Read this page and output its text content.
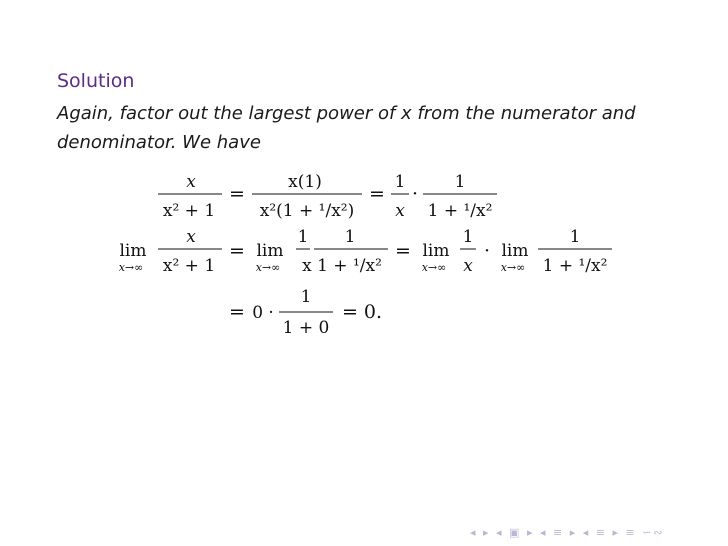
Solution
Again, factor out the largest power of x from the numerator and
denominator. We have
x
x² + 1
=
x(1)
x²(1 + ¹/x²)
=
1
x
·
1
1 + ¹/x²
lim
x→∞
x
x² + 1
= lim
x→∞
1 1
x 1 + ¹/x²
= lim
x→∞
1
x
· lim
x→∞
1
1 + ¹/x²
= 0 ·
1
1 + 0
= 0.
◂ ▸ ◂ ▣ ▸ ◂ ≡ ▸ ◂ ≡ ▸ ≡ ∽∾
